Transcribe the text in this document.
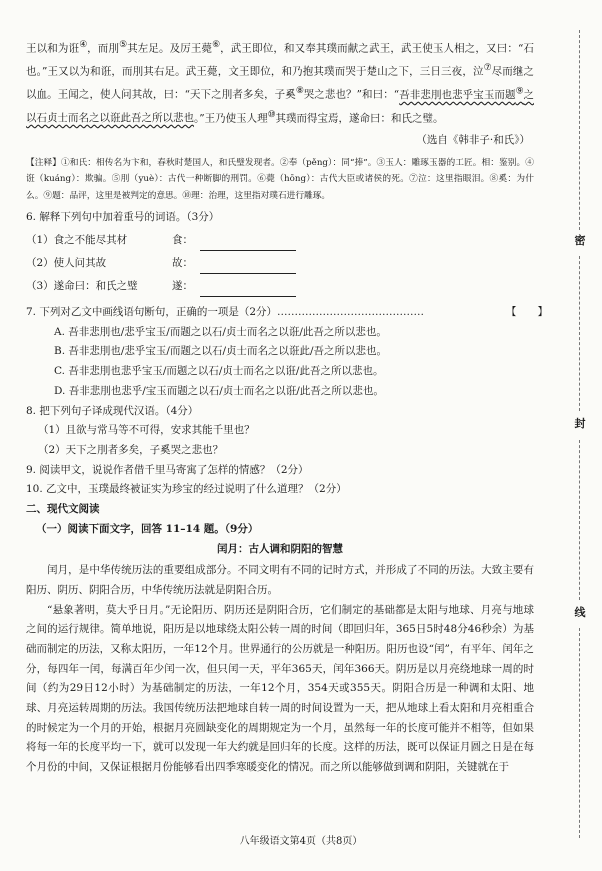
王以和为诳④，而刖⑤其左足。及厉王薨⑥，武王即位，和又奉其璞而献之武王，武王使玉人相之，又曰：“石也。”王又以为和诳，而刖其右足。武王薨，文王即位，和乃抱其璞而哭于楚山之下，三日三夜，泣⑦尽而继之以血。王闻之，使人问其故，曰：“天下之刖者多矣，子奚⑧哭之悲也？”和曰：“吾非悲刖也悲乎宝玉而题⑨之以石贞士而名之以诳此吾之所以悲也。”王乃使玉人理⑩其璞而得宝焉，遂命曰：和氏之璧。

（选自《韩非子·和氏》）

【注释】①和氏：相传名为卞和，春秋时楚国人，和氏璧发现者。②奉（pěng）：同“捧”。③玉人：雕琢玉器的工匠。相：鉴别。④诳（kuáng）：欺骗。⑤刖（yuè）：古代一种断脚的刑罚。⑥薨（hōng）：古代大臣或诸侯的死。⑦泣：这里指眼泪。⑧奚：为什么。⑨题：品评，这里是被判定的意思。⑩理：治理，这里指对璞石进行雕琢。

6. 解释下列句中加着重号的词语。（3分）

（1）食之不能尽其材	食：
（2）使人问其故	故：
（3）遂命曰：和氏之璧	遂：

7. 下列对乙文中画线语句断句，正确的一项是（2分）……………………………………	【　　】

A. 吾非悲刖也/悲乎宝玉/而题之以石/贞士而名之以诳/此吾之所以悲也。

B. 吾非悲刖也/悲乎宝玉/而题之以石/贞士而名之以诳此/吾之所以悲也。

C. 吾非悲刖也悲乎宝玉/而题之以石/贞士而名之以诳/此吾之所以悲也。

D. 吾非悲刖也悲乎/宝玉而题之以石/贞士而名之以诳/此吾之所以悲也。

8. 把下列句子译成现代汉语。（4分）

（1）且欲与常马等不可得，安求其能千里也？

（2）天下之刖者多矣，子奚哭之悲也？

9. 阅读甲文，说说作者借千里马寄寓了怎样的情感？（2分）

10. 乙文中，玉璞最终被证实为珍宝的经过说明了什么道理？（2分）

二、现代文阅读

（一）阅读下面文字，回答 11–14 题。（9分）

闰月：古人调和阴阳的智慧

闰月，是中华传统历法的重要组成部分。不同文明有不同的记时方式，并形成了不同的历法。大致主要有阳历、阴历、阴阳合历，中华传统历法就是阴阳合历。

“悬象著明，莫大乎日月。”无论阳历、阴历还是阴阳合历，它们制定的基础都是太阳与地球、月亮与地球之间的运行规律。简单地说，阳历是以地球绕太阳公转一周的时间（即回归年，365日5时48分46秒余）为基础而制定的历法，又称太阳历，一年12个月。世界通行的公历就是一种阳历。阳历也设“闰”，有平年、闰年之分，每四年一闰，每满百年少闰一次，但只闰一天，平年365天，闰年366天。阴历是以月亮绕地球一周的时间（约为29日12小时）为基础制定的历法，一年12个月，354天或355天。阴阳合历是一种调和太阳、地球、月亮运转周期的历法。我国传统历法把地球自转一周的时间设置为一天，把从地球上看太阳和月亮相重合的时候定为一个月的开始，根据月亮圆缺变化的周期规定为一个月，虽然每一年的长度可能并不相等，但如果将每一年的长度平均一下，就可以发现一年大约就是回归年的长度。这样的历法，既可以保证月圆之日是在每个月份的中间，又保证根据月份能够看出四季寒暖变化的情况。而之所以能够做到调和阴阳，关键就在于

密
封
线
八年级语文第4页（共8页）
